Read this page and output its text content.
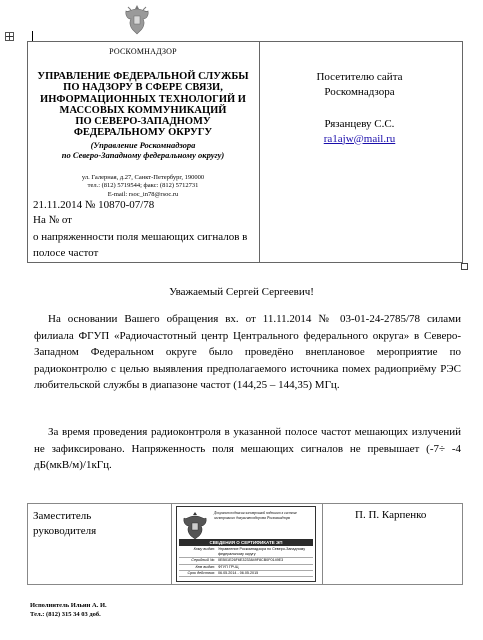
РОСКОМНАДЗОР
УПРАВЛЕНИЕ ФЕДЕРАЛЬНОЙ СЛУЖБЫ
ПО НАДЗОРУ В СФЕРЕ СВЯЗИ,
ИНФОРМАЦИОННЫХ ТЕХНОЛОГИЙ И
МАССОВЫХ КОММУНИКАЦИЙ
ПО СЕВЕРО-ЗАПАДНОМУ
ФЕДЕРАЛЬНОМУ ОКРУГУ
(Управление Роскомнадзора
по Северо-Западному федеральному округу)
ул. Галерная, д.27, Санкт-Петербург, 190000
тел.: (812) 5719544; факс: (812) 5712731
E-mail: rsoc_in78@rsoc.ru
21.11.2014 № 10870-07/78
На № от
о напряженности поля мешающих сигналов в полосе частот
Посетителю сайта
Роскомнадзора
Рязанцеву С.С.
ra1ajw@mail.ru
Уважаемый Сергей Сергеевич!
На основании Вашего обращения вх. от 11.11.2014 № 03-01-24-2785/78 силами филиала ФГУП «Радиочастотный центр Центрального федерального округа» в Северо-Западном Федеральном округе было проведёно внеплановое мероприятие по радиоконтролю с целью выявления предполагаемого источника помех радиоприёму РЭС любительской службы в диапазоне частот (144,25 – 144,35) МГц.
За время проведения радиоконтроля в указанной полосе частот мешающих излучений не зафиксировано. Напряженность поля мешающих сигналов не превышает (-7÷ -4 дБ(мкВ/м)/1кГц.
Заместитель
руководителя
П. П. Карпенко
Документ подписан электронной подписью в системе электронного документооборота Роскомнадзора
СВЕДЕНИЯ О СЕРТИФИКАТЕ ЭП
Кому выдан: Управление Роскомнадзора по Северо-Западному федеральному округу
Серийный №: 0EB01E26F6E3233849F8CB0F0149E3
Кем выдан: ФГУП ГРЧЦ
Срок действия: 06.05.2014 - 06.05.2015
Исполнитель Ильин А. И.
Тел.: (812) 315 34 03 доб.
